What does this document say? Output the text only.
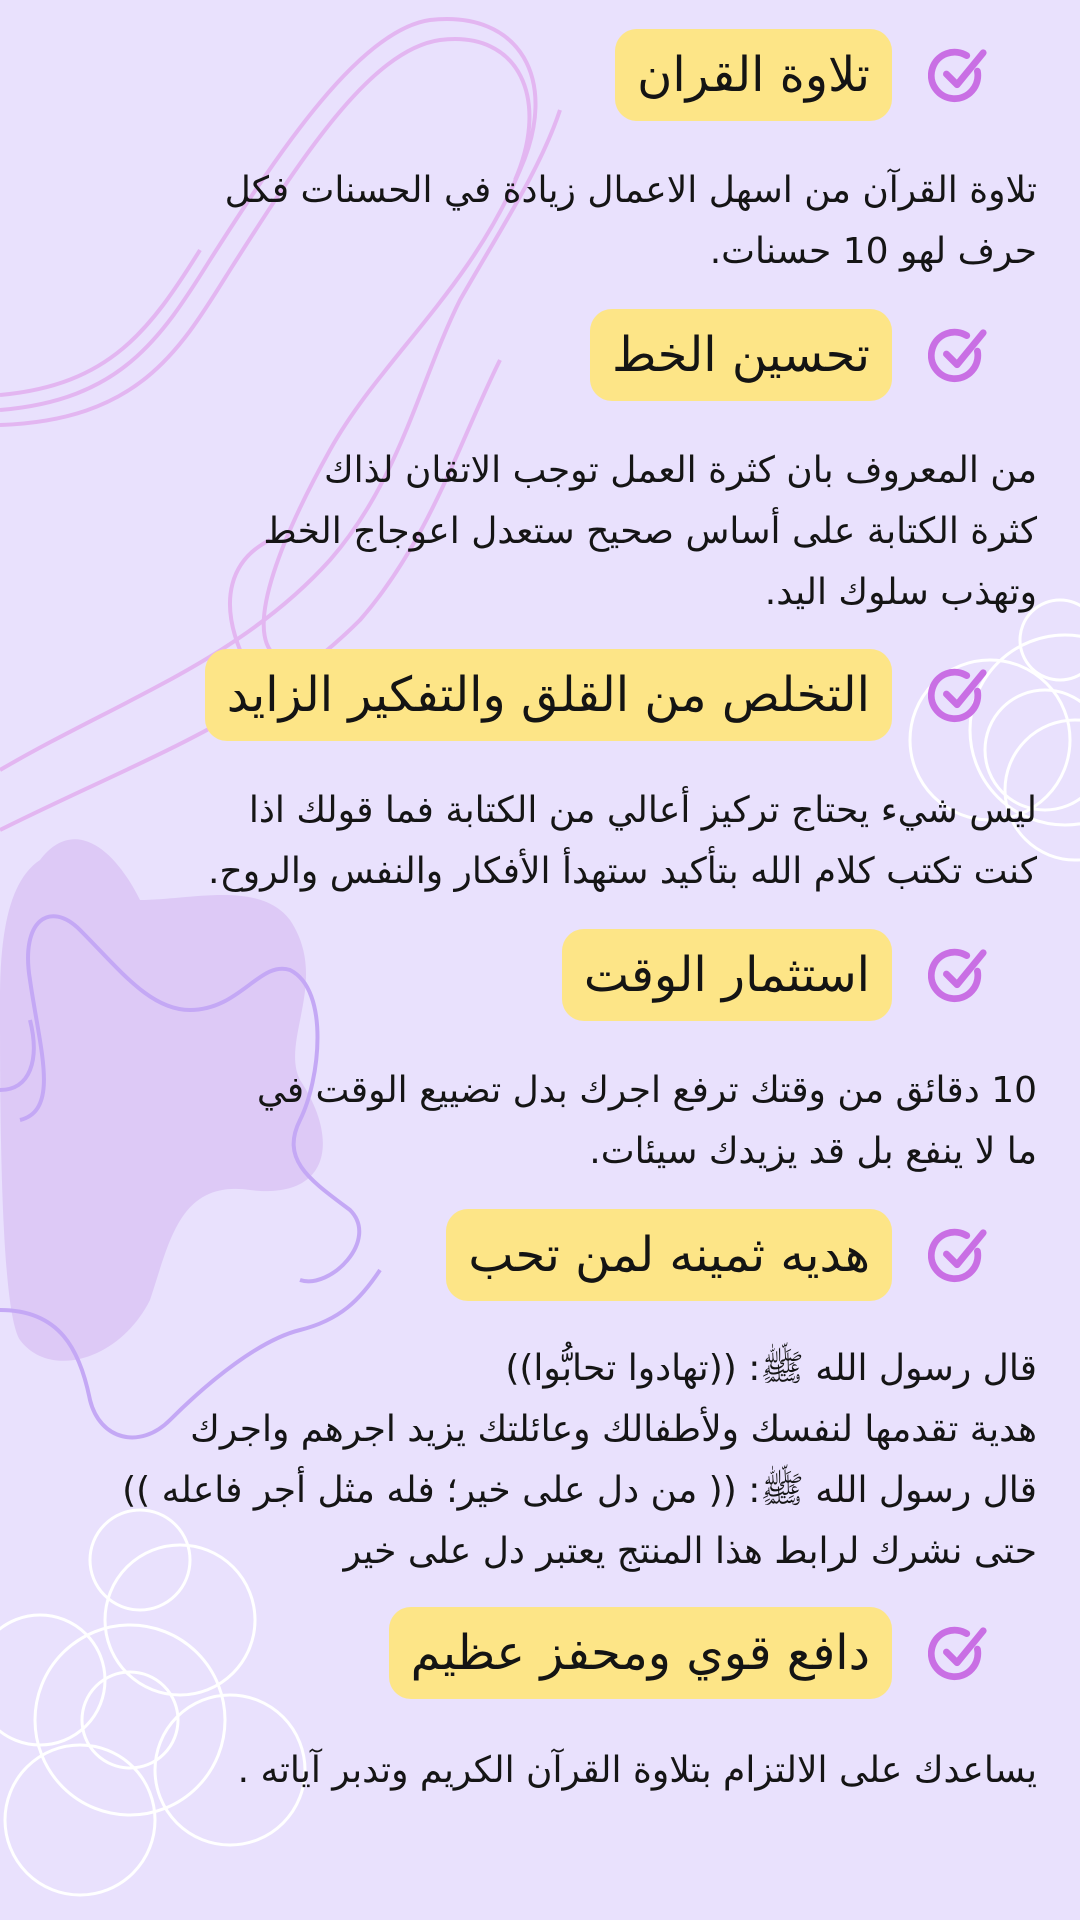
تلاوة القران
تلاوة القرآن من اسهل الاعمال زيادة في الحسنات فكل
حرف لهو 10 حسنات.
تحسين الخط
من المعروف بان كثرة العمل توجب الاتقان لذاك
كثرة الكتابة على أساس صحيح ستعدل اعوجاج الخط
وتهذب سلوك اليد.
التخلص من القلق والتفكير الزايد
ليس شيء يحتاج تركيز أعالي من الكتابة فما قولك اذا
كنت تكتب كلام الله بتأكيد ستهدأ الأفكار والنفس والروح.
استثمار الوقت
10 دقائق من وقتك ترفع اجرك بدل تضييع الوقت في
ما لا ينفع بل قد يزيدك سيئات.
هديه ثمينه لمن تحب
قال رسول الله ﷺ: ((تهادوا تحابُّوا))
هدية تقدمها لنفسك ولأطفالك وعائلتك يزيد اجرهم واجرك
قال رسول الله ﷺ: (( من دل على خير؛ فله مثل أجر فاعله ))
حتى نشرك لرابط هذا المنتج يعتبر دل على خير
دافع قوي ومحفز عظيم
يساعدك على الالتزام بتلاوة القرآن الكريم وتدبر آياته .
